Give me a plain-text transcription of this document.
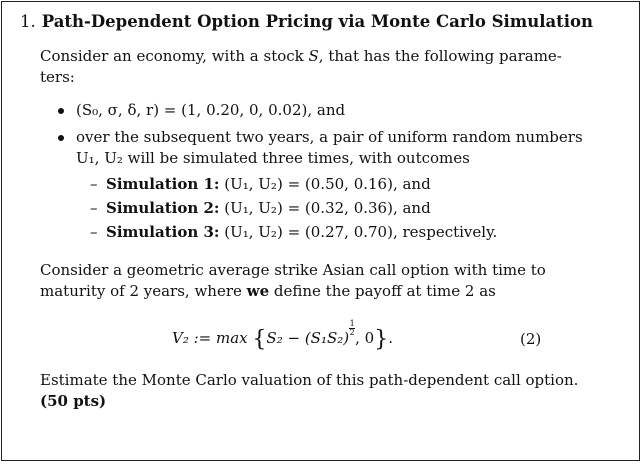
1. Path-Dependent Option Pricing via Monte Carlo Simulation
Consider an economy, with a stock S, that has the following parame-
ters:
(S₀, σ, δ, r) = (1, 0.20, 0, 0.02), and
over the subsequent two years, a pair of uniform random numbers
U₁, U₂ will be simulated three times, with outcomes
– Simulation 1: (U₁, U₂) = (0.50, 0.16), and
– Simulation 2: (U₁, U₂) = (0.32, 0.36), and
– Simulation 3: (U₁, U₂) = (0.27, 0.70), respectively.
Consider a geometric average strike Asian call option with time to
maturity of 2 years, where we define the payoff at time 2 as
V₂ := max {S₂ − (S₁S₂)
$\frac{1}{2}$
, 0}.	(2)
Estimate the Monte Carlo valuation of this path-dependent call option.
(50 pts)
